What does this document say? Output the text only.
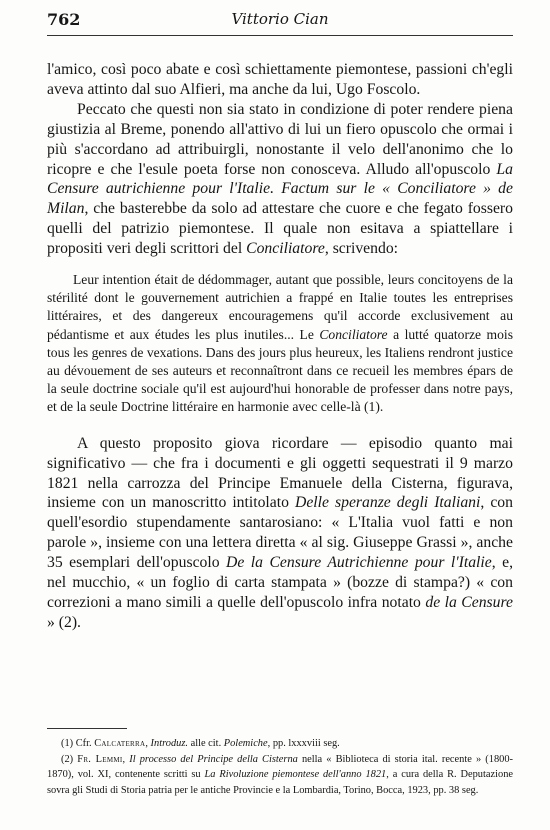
762	Vittorio Cian

l'amico, così poco abate e così schiettamente piemontese, passioni ch'egli aveva attinto dal suo Alfieri, ma anche da lui, Ugo Foscolo.

Peccato che questi non sia stato in condizione di poter rendere piena giustizia al Breme, ponendo all'attivo di lui un fiero opuscolo che ormai i più s'accordano ad attribuirgli, nonostante il velo dell'anonimo che lo ricopre e che l'esule poeta forse non conosceva. Alludo all'opuscolo La Censure autrichienne pour l'Italie. Factum sur le « Conciliatore » de Milan, che basterebbe da solo ad attestare che cuore e che fegato fossero quelli del patrizio piemontese. Il quale non esitava a spiattellare i propositi veri degli scrittori del Conciliatore, scrivendo:

Leur intention était de dédommager, autant que possible, leurs concitoyens de la stérilité dont le gouvernement autrichien a frappé en Italie toutes les entreprises littéraires, et des dangereux encouragemens qu'il accorde exclusivement au pédantisme et aux études les plus inutiles... Le Conciliatore a lutté quatorze mois tous les genres de vexations. Dans des jours plus heureux, les Italiens rendront justice au dévouement de ses auteurs et reconnaîtront dans ce recueil les membres épars de la seule doctrine sociale qu'il est aujourd'hui honorable de professer dans notre pays, et de la seule Doctrine littéraire en harmonie avec celle-là (1).

A questo proposito giova ricordare — episodio quanto mai significativo — che fra i documenti e gli oggetti sequestrati il 9 marzo 1821 nella carrozza del Principe Emanuele della Cisterna, figurava, insieme con un manoscritto intitolato Delle speranze degli Italiani, con quell'esordio stupendamente santarosiano: « L'Italia vuol fatti e non parole », insieme con una lettera diretta « al sig. Giuseppe Grassi », anche 35 esemplari dell'opuscolo De la Censure Autrichienne pour l'Italie, e, nel mucchio, « un foglio di carta stampata » (bozze di stampa?) « con correzioni a mano simili a quelle dell'opuscolo infra notato de la Censure » (2).

(1) Cfr. Calcaterra, Introduz. alle cit. Polemiche, pp. lxxxviii seg.

(2) Fr. Lemmi, Il processo del Principe della Cisterna nella « Biblioteca di storia ital. recente » (1800-1870), vol. XI, contenente scritti su La Rivoluzione piemontese dell'anno 1821, a cura della R. Deputazione sovra gli Studi di Storia patria per le antiche Provincie e la Lombardia, Torino, Bocca, 1923, pp. 38 seg.
